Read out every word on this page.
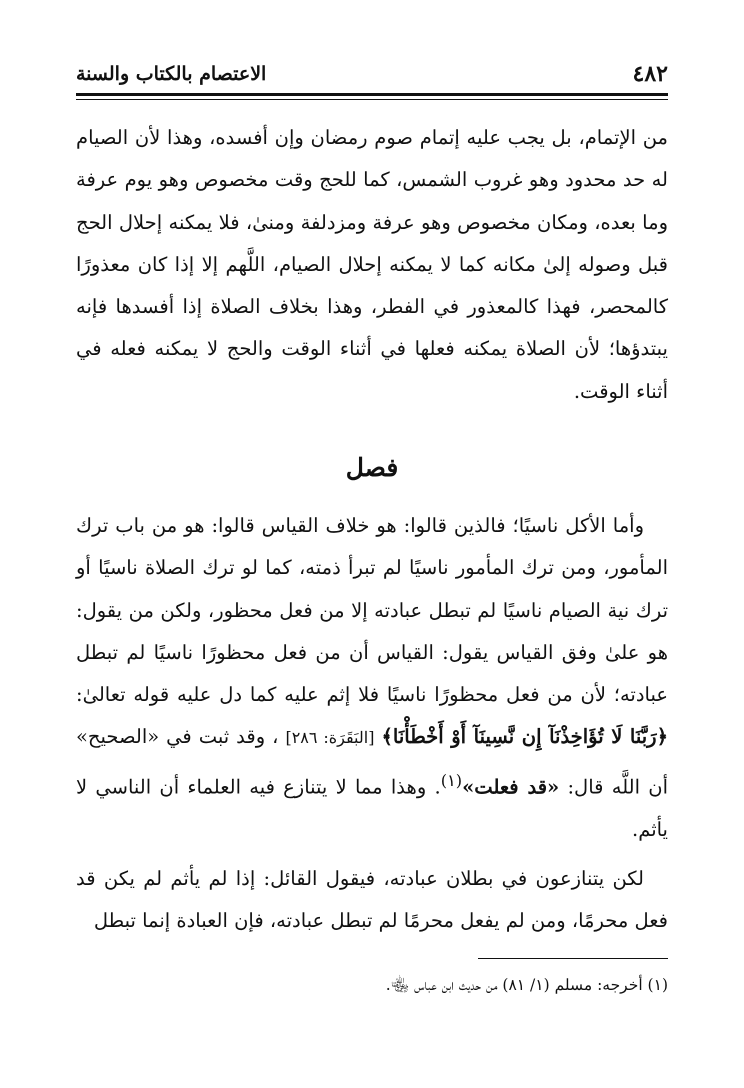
٤٨٢
الاعتصام بالكتاب والسنة

من الإتمام، بل يجب عليه إتمام صوم رمضان وإن أفسده، وهذا لأن الصيام له حد محدود وهو غروب الشمس، كما للحج وقت مخصوص وهو يوم عرفة وما بعده، ومكان مخصوص وهو عرفة ومزدلفة ومنىٰ، فلا يمكنه إحلال الحج قبل وصوله إلىٰ مكانه كما لا يمكنه إحلال الصيام، اللَّهم إلا إذا كان معذورًا كالمحصر، فهذا كالمعذور في الفطر، وهذا بخلاف الصلاة إذا أفسدها فإنه يبتدؤها؛ لأن الصلاة يمكنه فعلها في أثناء الوقت والحج لا يمكنه فعله في أثناء الوقت.

فصل

وأما الأكل ناسيًا؛ فالذين قالوا: هو خلاف القياس قالوا: هو من باب ترك المأمور، ومن ترك المأمور ناسيًا لم تبرأ ذمته، كما لو ترك الصلاة ناسيًا أو ترك نية الصيام ناسيًا لم تبطل عبادته إلا من فعل محظور، ولكن من يقول: هو علىٰ وفق القياس يقول: القياس أن من فعل محظورًا ناسيًا لم تبطل عبادته؛ لأن من فعل محظورًا ناسيًا فلا إثم عليه كما دل عليه قوله تعالىٰ: ﴿رَبَّنَا لَا تُؤَاخِذْنَآ إِن نَّسِينَآ أَوْ أَخْطَأْنَا﴾ [البَقَرَة: ٢٨٦] ، وقد ثبت في «الصحيح» أن اللَّه قال: «قد فعلت»$^{(١)}$. وهذا مما لا يتنازع فيه العلماء أن الناسي لا يأثم.

لكن يتنازعون في بطلان عبادته، فيقول القائل: إذا لم يأثم لم يكن قد فعل محرمًا، ومن لم يفعل محرمًا لم تبطل عبادته، فإن العبادة إنما تبطل

(١) أخرجه: مسلم (١/ ٨١) من حديث ابن عباس ﵄.
